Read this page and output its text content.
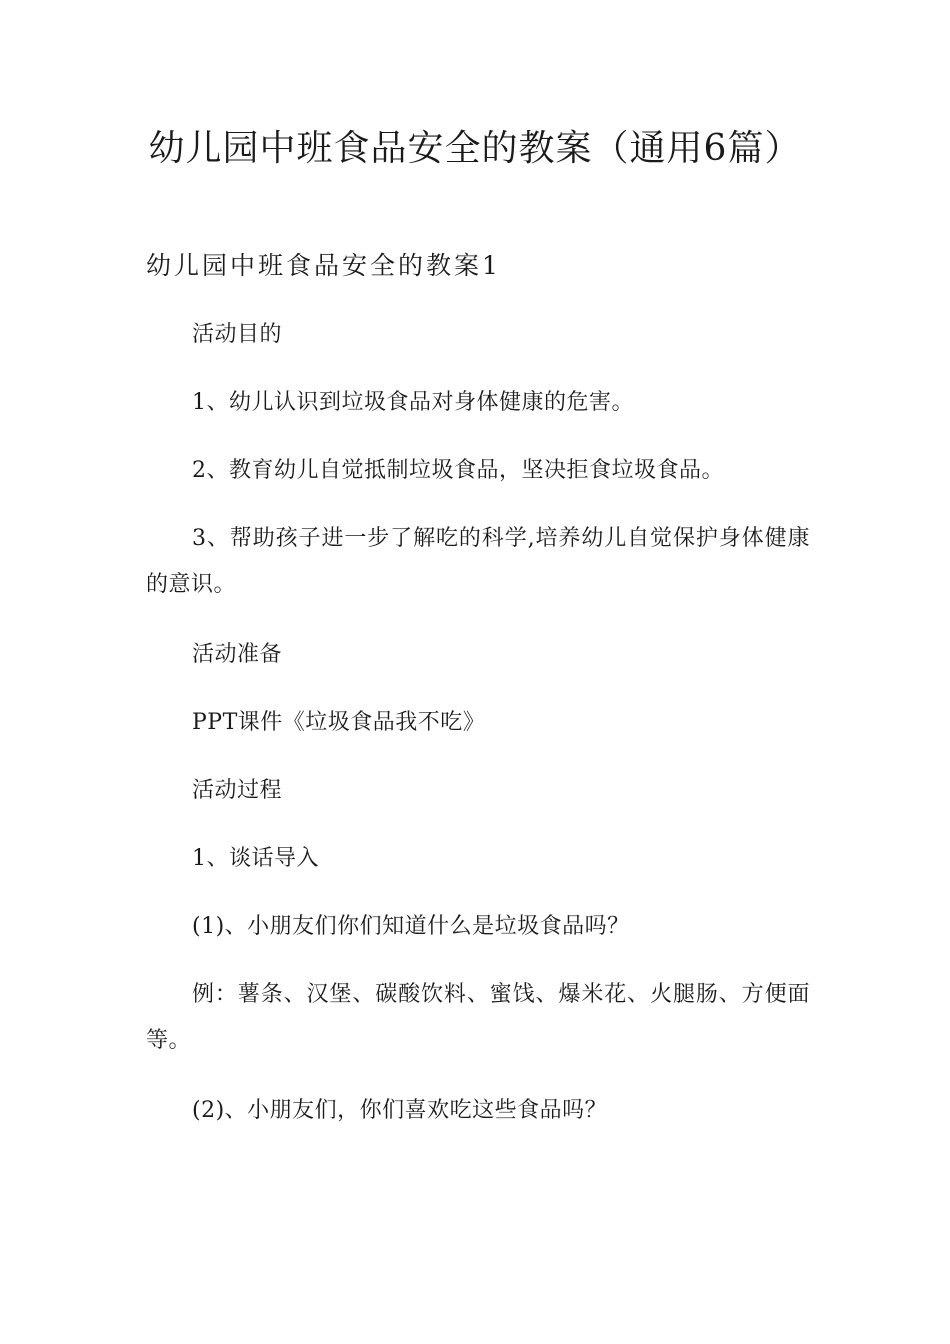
幼儿园中班食品安全的教案（通用6篇）
幼儿园中班食品安全的教案1

活动目的

1、幼儿认识到垃圾食品对身体健康的危害。

2、教育幼儿自觉抵制垃圾食品，坚决拒食垃圾食品。

3、帮助孩子进一步了解吃的科学,培养幼儿自觉保护身体健康的意识。

活动准备

PPT课件《垃圾食品我不吃》

活动过程

1、谈话导入

(1)、小朋友们你们知道什么是垃圾食品吗？

例：薯条、汉堡、碳酸饮料、蜜饯、爆米花、火腿肠、方便面等。

(2)、小朋友们，你们喜欢吃这些食品吗？
